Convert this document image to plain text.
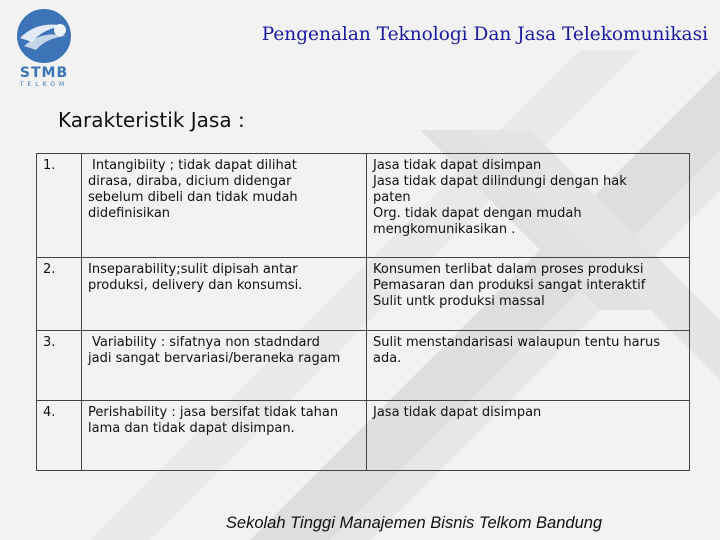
STMB
TELKOM
Pengenalan Teknologi Dan Jasa Telekomunikasi
Karakteristik Jasa :
1.	Intangibiity ; tidak dapat dilihat
dirasa, diraba, dicium didengar
sebelum dibeli dan tidak mudah
didefinisikan	Jasa tidak dapat disimpan
Jasa tidak dapat dilindungi dengan hak
paten
Org. tidak dapat dengan mudah
mengkomunikasikan .

2.	Inseparability;sulit dipisah antar
produksi, delivery dan konsumsi.	Konsumen terlibat dalam proses produksi
Pemasaran dan produksi sangat interaktif
Sulit untk produksi massal

3.	Variability : sifatnya non stadndard
jadi sangat bervariasi/beraneka ragam	Sulit menstandarisasi walaupun tentu harus
ada.

4.	Perishability : jasa bersifat tidak tahan
lama dan tidak dapat disimpan.	Jasa tidak dapat disimpan
Sekolah Tinggi Manajemen Bisnis Telkom Bandung
